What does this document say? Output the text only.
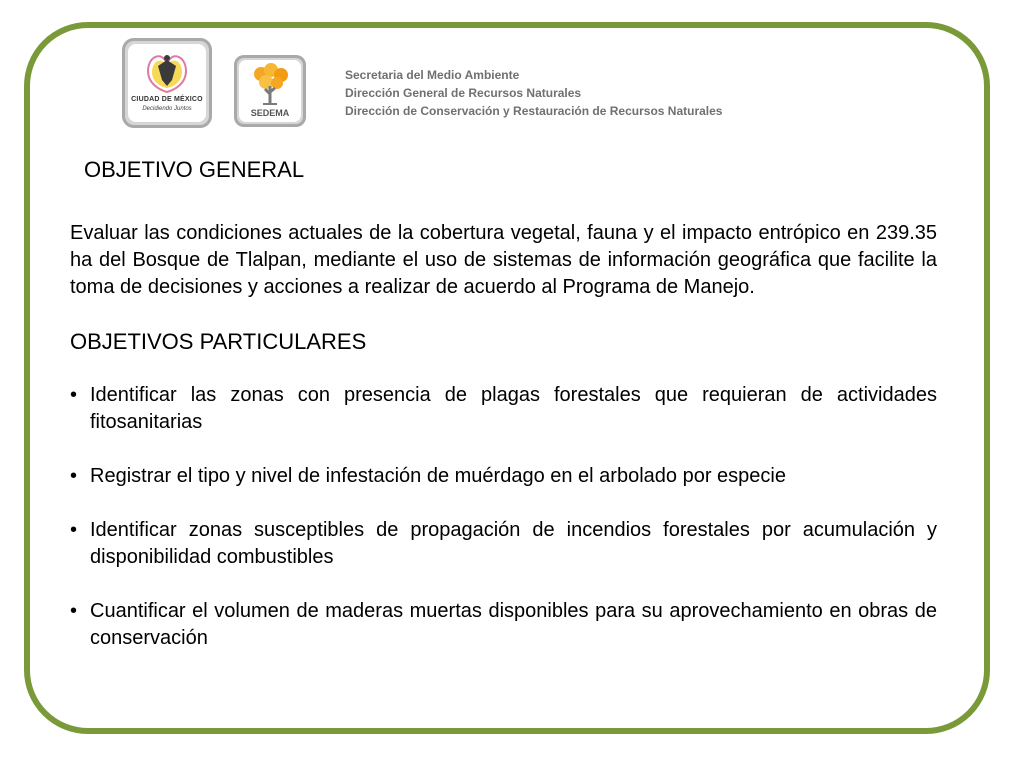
CIUDAD DE MÉXICO
Decidiendo Juntos	SEDEMA
Secretaria del Medio Ambiente
Dirección General de Recursos Naturales
Dirección de Conservación y Restauración de Recursos Naturales
OBJETIVO GENERAL

Evaluar las condiciones actuales de la cobertura vegetal, fauna y el impacto entrópico en 239.35 ha del Bosque de Tlalpan, mediante el uso de sistemas de información geográfica que facilite la toma de decisiones y acciones a realizar de acuerdo al Programa de Manejo.

OBJETIVOS PARTICULARES
• Identificar las zonas con presencia de plagas forestales que requieran de actividades fitosanitarias
• Registrar el tipo y nivel de infestación de muérdago en el arbolado por especie
• Identificar zonas susceptibles de propagación de incendios forestales por acumulación y disponibilidad combustibles
• Cuantificar el volumen de maderas muertas disponibles para su aprovechamiento en obras de conservación
